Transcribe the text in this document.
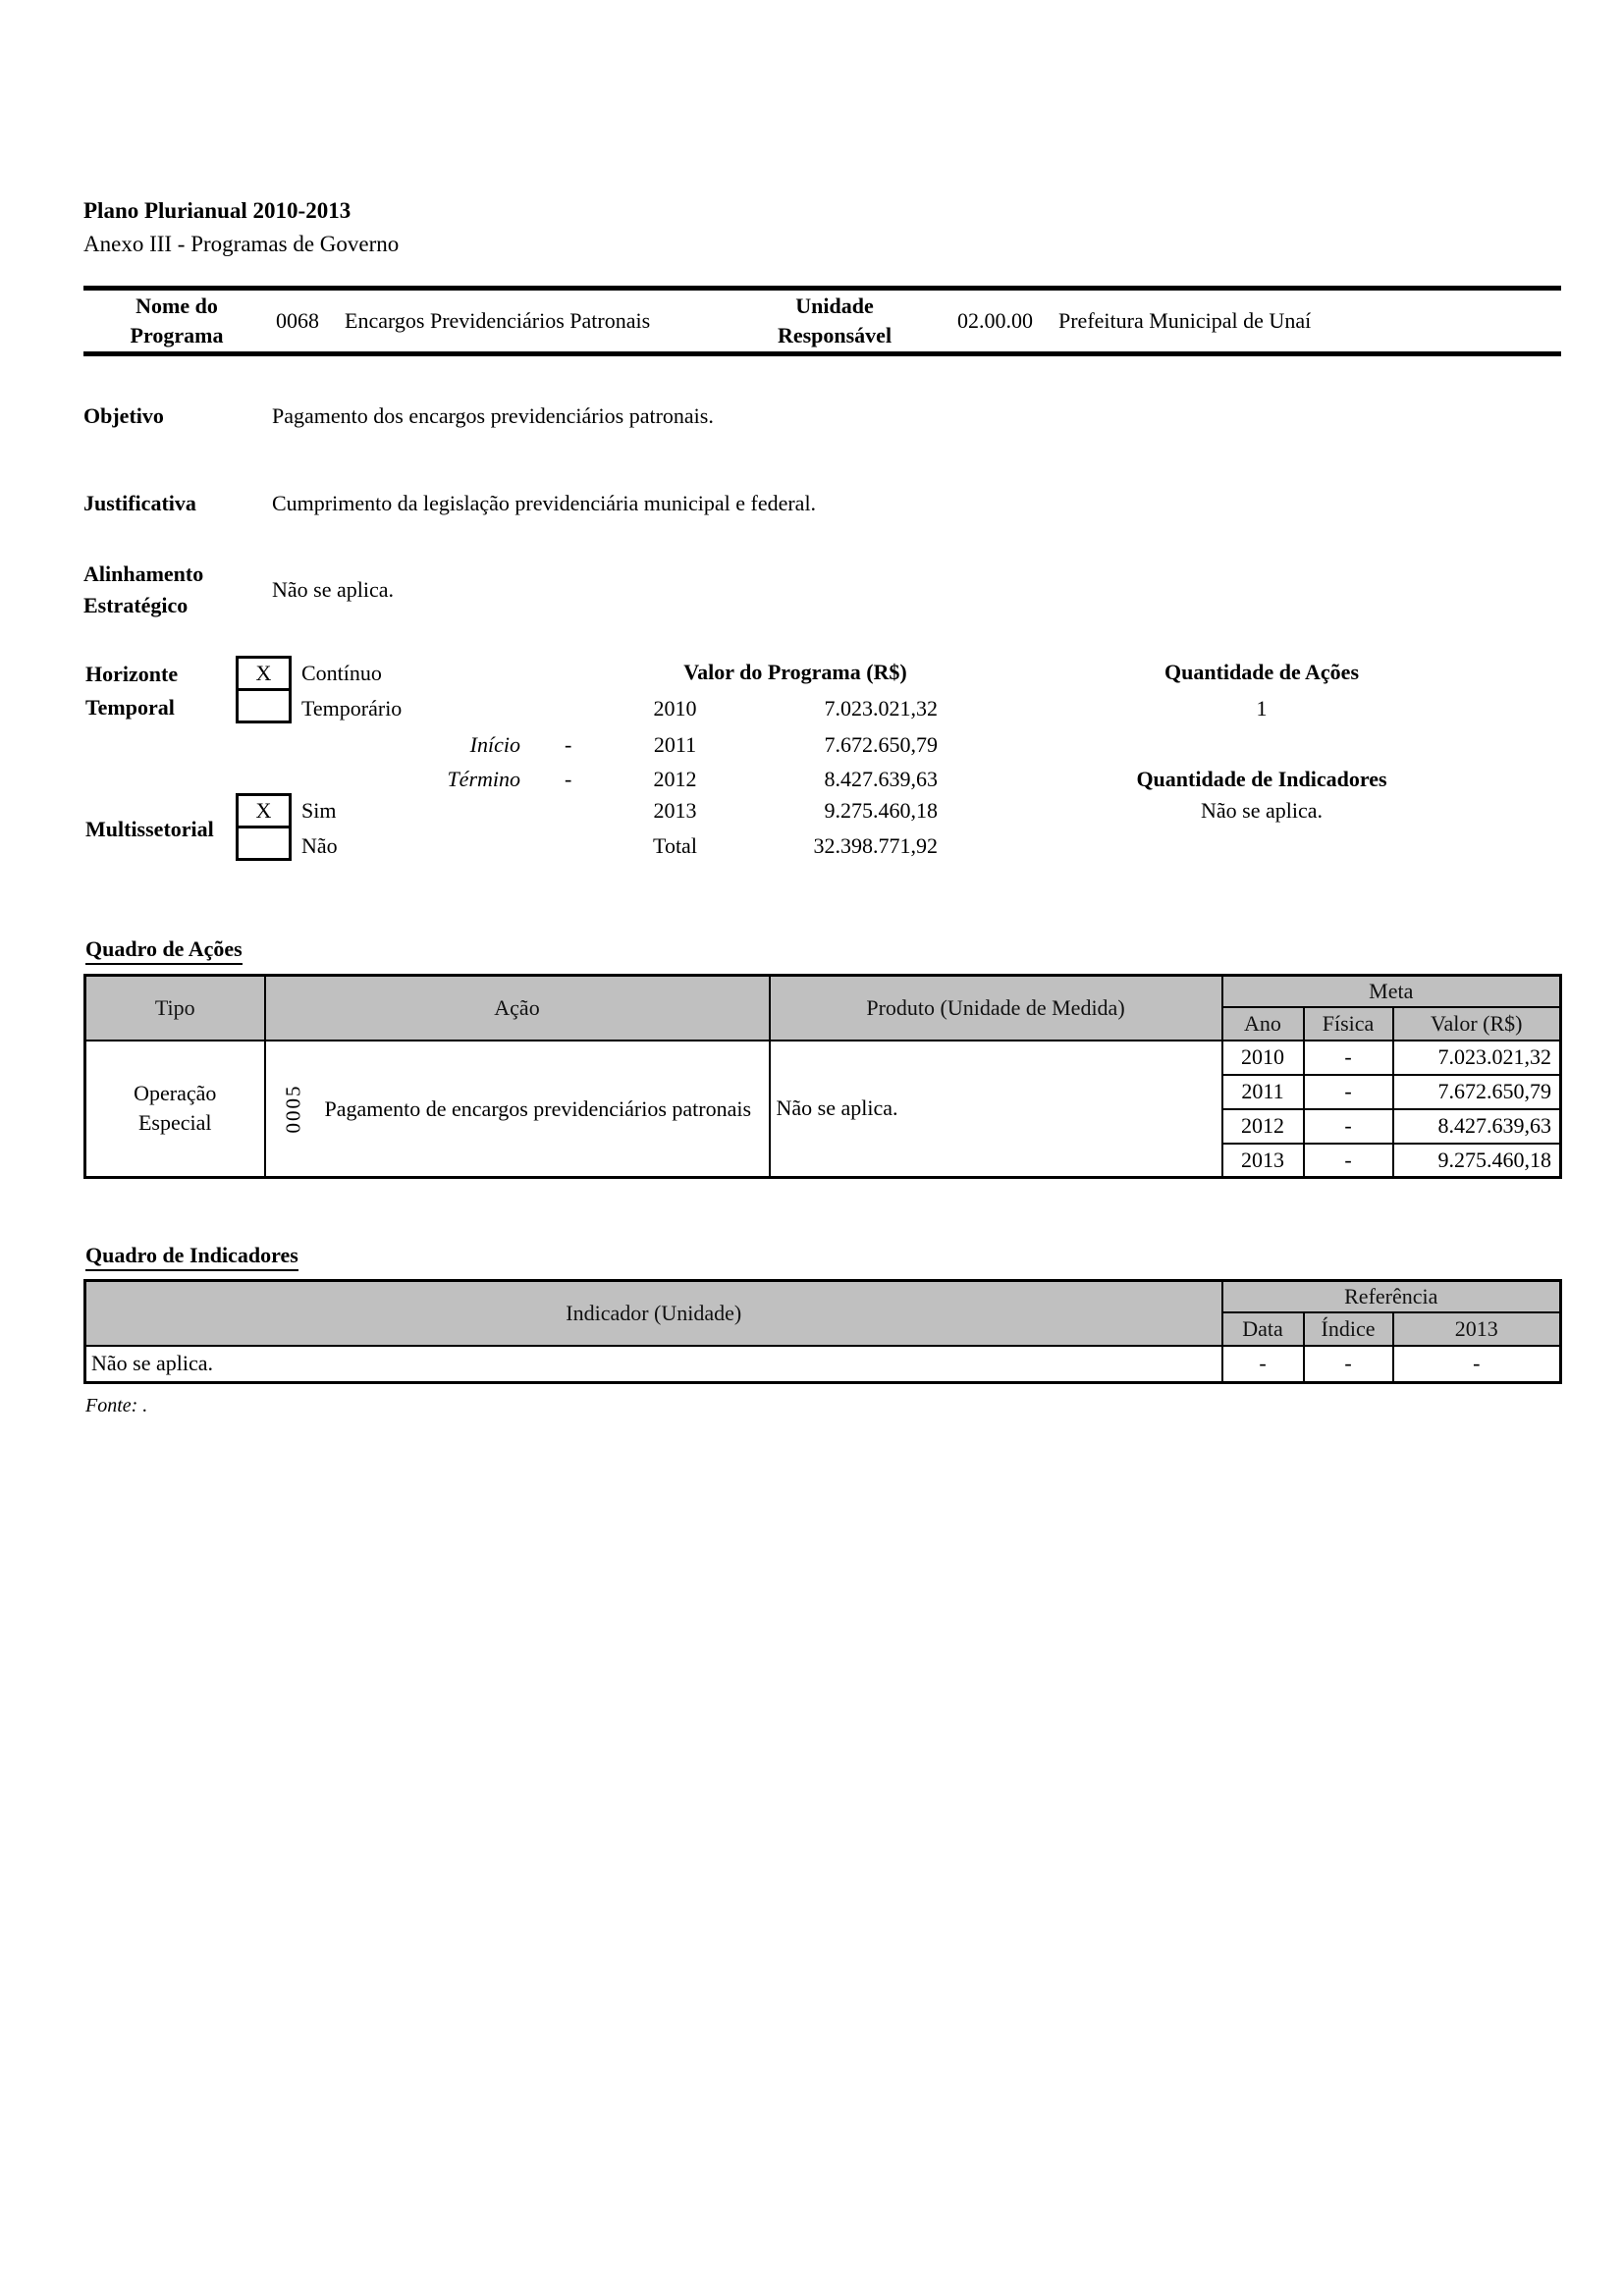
Plano Plurianual 2010-2013
Anexo III - Programas de Governo
Nome do Programa
0068 Encargos Previdenciários Patronais
Unidade Responsável
02.00.00 Prefeitura Municipal de Unaí
Objetivo	Pagamento dos encargos previdenciários patronais.
Justificativa	Cumprimento da legislação previdenciária municipal e federal.
Alinhamento Estratégico
Não se aplica.
Horizonte
Temporal
X Contínuo
Temporário
Início -
Término -
Multissetorial
X Sim
Não
Valor do Programa (R$)
2010	7.023.021,32
2011	7.672.650,79
2012	8.427.639,63
2013	9.275.460,18
Total	32.398.771,92
Quantidade de Ações
1
Quantidade de Indicadores
Não se aplica.
Quadro de Ações
Tipo	Ação	Produto (Unidade de Medida)	Meta		
			Ano	Física	Valor (R$)

Operação
Especial	0005 Pagamento de encargos previdenciários patronais	Não se aplica.	2010	-	7.023.021,32
			2011	-	7.672.650,79
			2012	-	8.427.639,63
			2013	-	9.275.460,18
Quadro de Indicadores
Indicador (Unidade)	Referência		
	Data	Índice	2013
Não se aplica.	-	-	-
Fonte: .
